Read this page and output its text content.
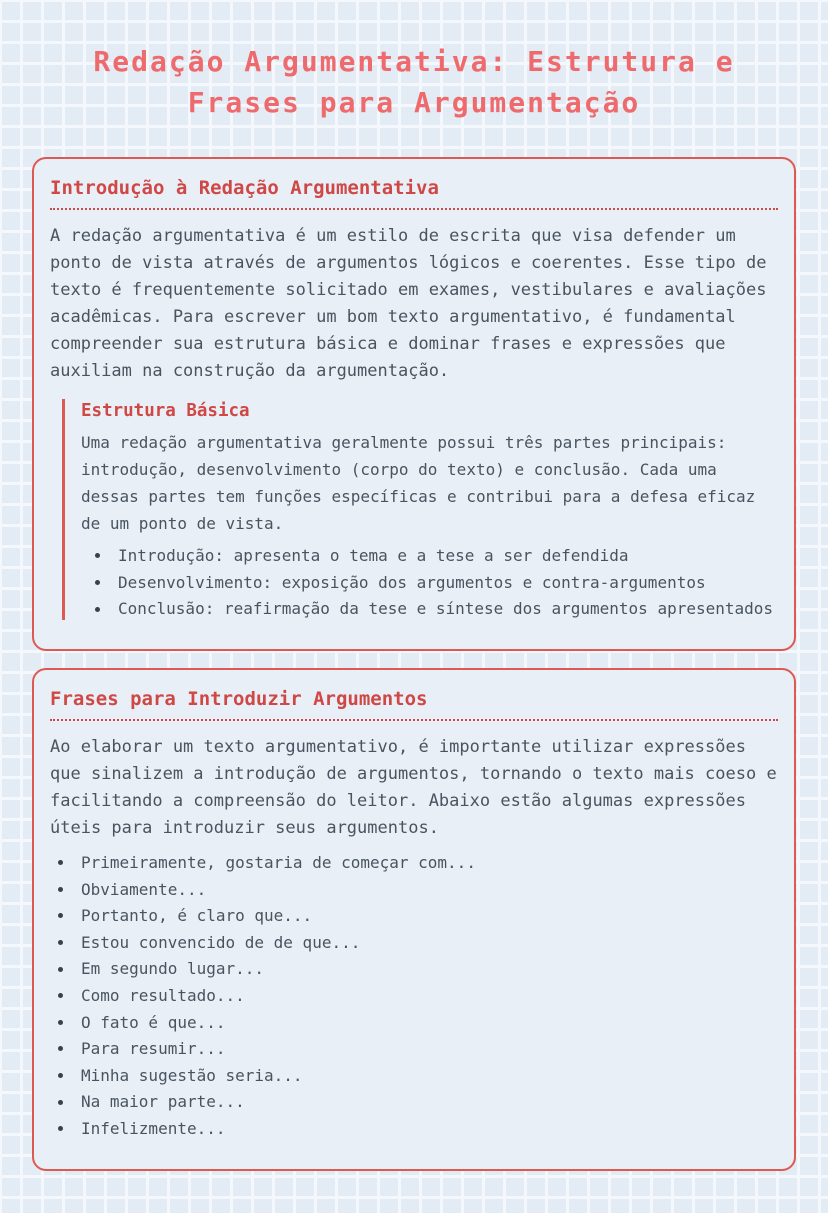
Redação Argumentativa: Estrutura e Frases para Argumentação
Introdução à Redação Argumentativa

A redação argumentativa é um estilo de escrita que visa defender um ponto de vista através de argumentos lógicos e coerentes. Esse tipo de texto é frequentemente solicitado em exames, vestibulares e avaliações acadêmicas. Para escrever um bom texto argumentativo, é fundamental compreender sua estrutura básica e dominar frases e expressões que auxiliam na construção da argumentação.

Estrutura Básica

Uma redação argumentativa geralmente possui três partes principais: introdução, desenvolvimento (corpo do texto) e conclusão. Cada uma dessas partes tem funções específicas e contribui para a defesa eficaz de um ponto de vista.

Introdução: apresenta o tema e a tese a ser defendida
Desenvolvimento: exposição dos argumentos e contra-argumentos
Conclusão: reafirmação da tese e síntese dos argumentos apresentados
Frases para Introduzir Argumentos

Ao elaborar um texto argumentativo, é importante utilizar expressões que sinalizem a introdução de argumentos, tornando o texto mais coeso e facilitando a compreensão do leitor. Abaixo estão algumas expressões úteis para introduzir seus argumentos.

Primeiramente, gostaria de começar com...
Obviamente...
Portanto, é claro que...
Estou convencido de de que...
Em segundo lugar...
Como resultado...
O fato é que...
Para resumir...
Minha sugestão seria...
Na maior parte...
Infelizmente...
